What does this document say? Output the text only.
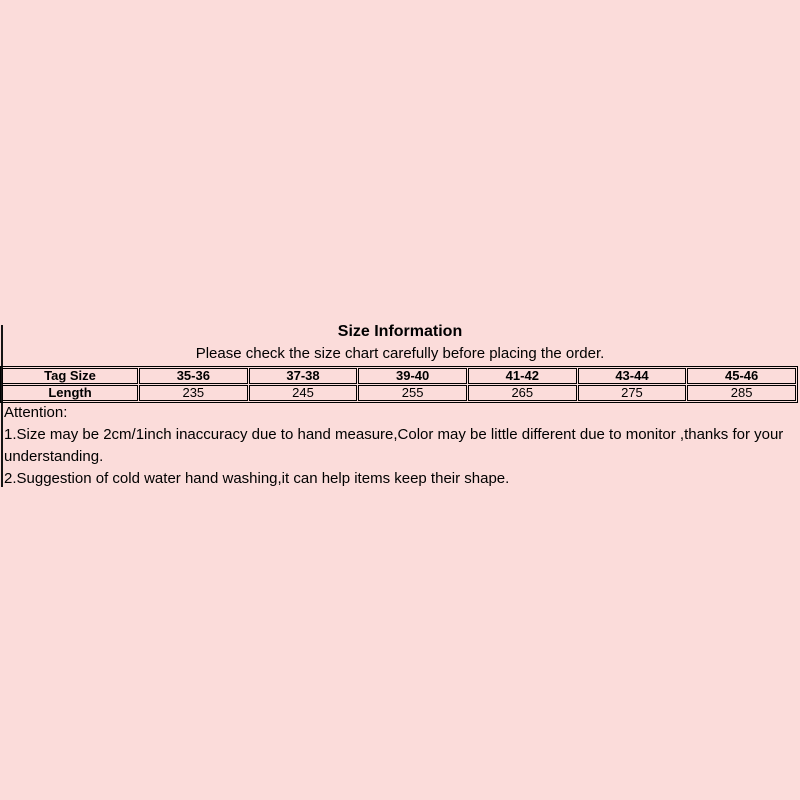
Size Information
Please check the size chart carefully before placing the order.
Tag Size	35-36	37-38	39-40	41-42	43-44	45-46
Length	235	245	255	265	275	285
Attention:
1.Size may be 2cm/1inch inaccuracy due to hand measure,Color may be little different due to monitor ,thanks for your understanding.
2.Suggestion of cold water hand washing,it can help items keep their shape.
